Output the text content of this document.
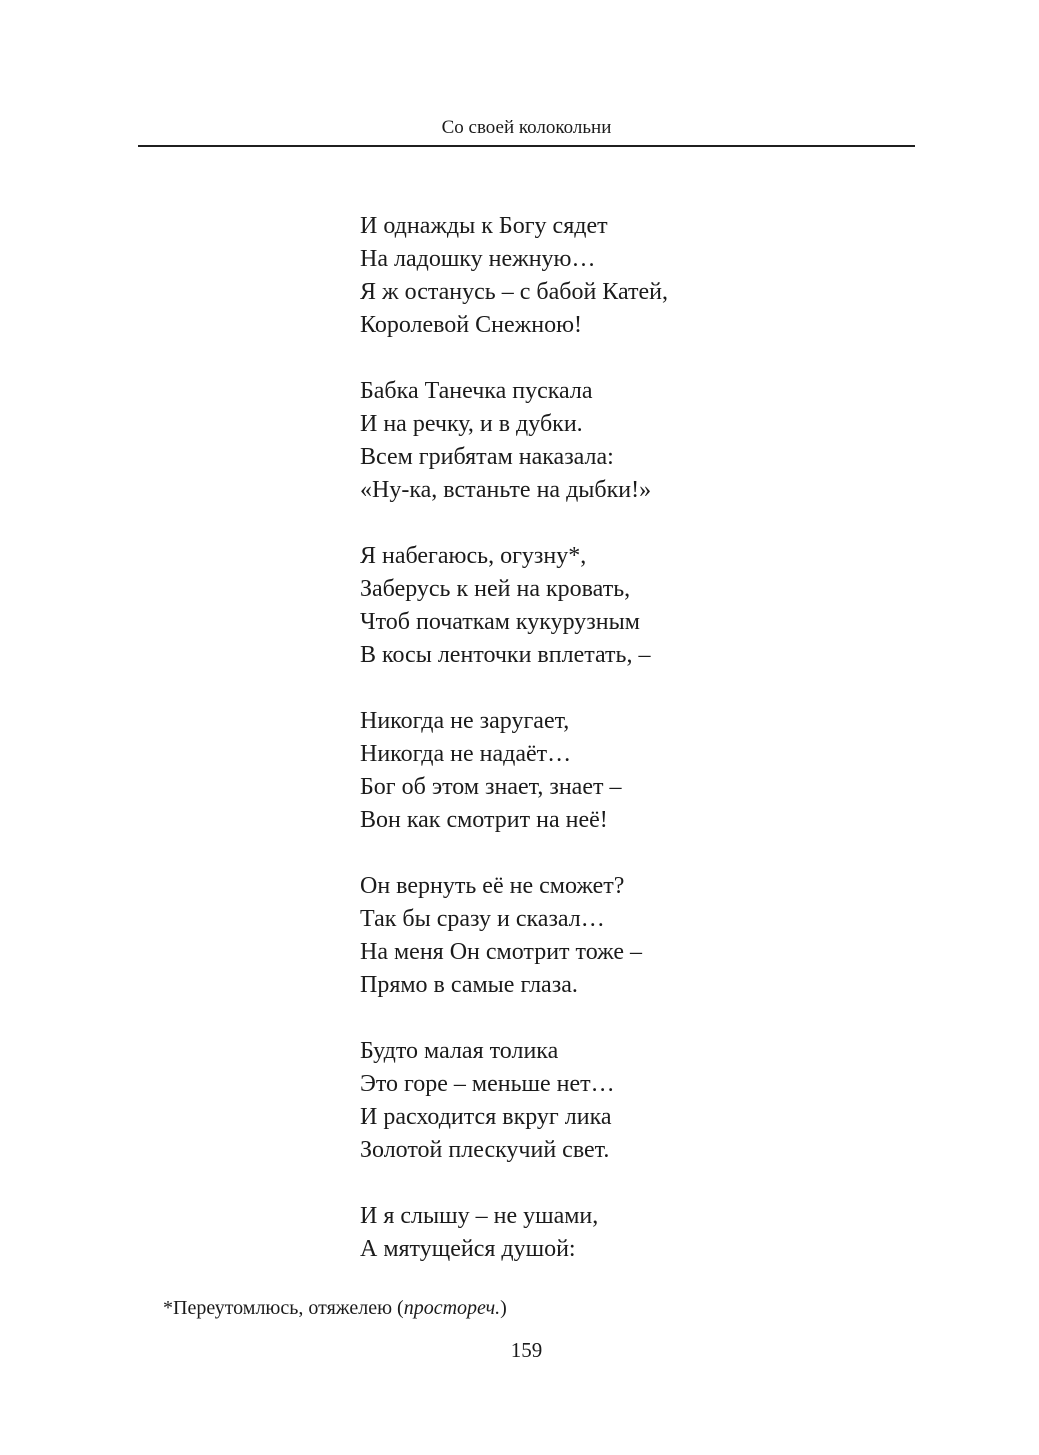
Со своей колокольни
И однажды к Богу сядет
На ладошку нежную…
Я ж останусь – с бабой Катей,
Королевой Снежною!
Бабка Танечка пускала
И на речку, и в дубки.
Всем грибятам наказала:
«Ну-ка, встаньте на дыбки!»
Я набегаюсь, огузну*,
Заберусь к ней на кровать,
Чтоб початкам кукурузным
В косы ленточки вплетать, –
Никогда не заругает,
Никогда не надаёт…
Бог об этом знает, знает –
Вон как смотрит на неё!
Он вернуть её не сможет?
Так бы сразу и сказал…
На меня Он смотрит тоже –
Прямо в самые глаза.
Будто малая толика
Это горе – меньше нет…
И расходится вкруг лика
Золотой плескучий свет.
И я слышу – не ушами,
А мятущейся душой:
*Переутомлюсь, отяжелею (простореч.)
159
